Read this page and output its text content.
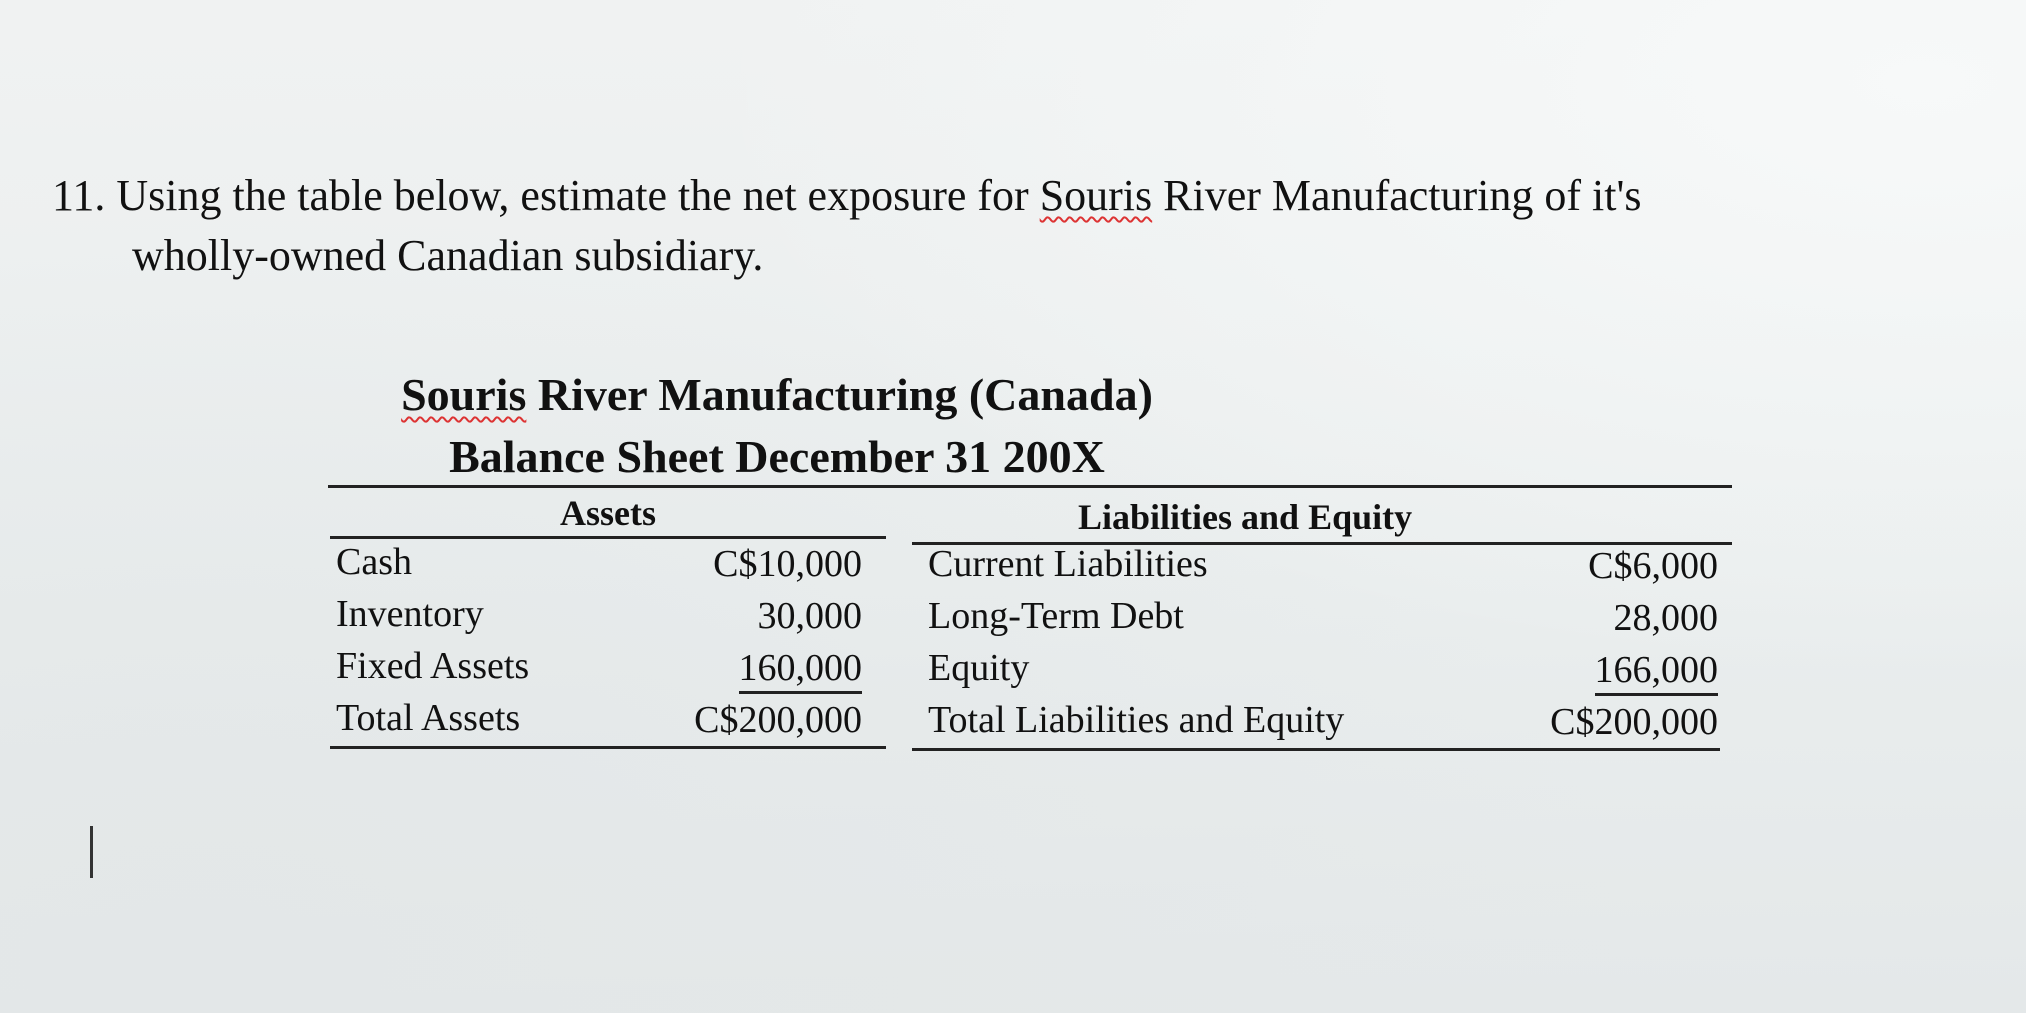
11. Using the table below, estimate the net exposure for Souris River Manufacturing of it's
wholly-owned Canadian subsidiary.
Souris River Manufacturing (Canada)
Balance Sheet December 31 200X
Assets	Liabilities and Equity
Cash
Inventory
Fixed Assets
Total Assets
C$10,000
30,000
160,000
C$200,000
Current Liabilities
Long-Term Debt
Equity
Total Liabilities and Equity
C$6,000
28,000
166,000
C$200,000
